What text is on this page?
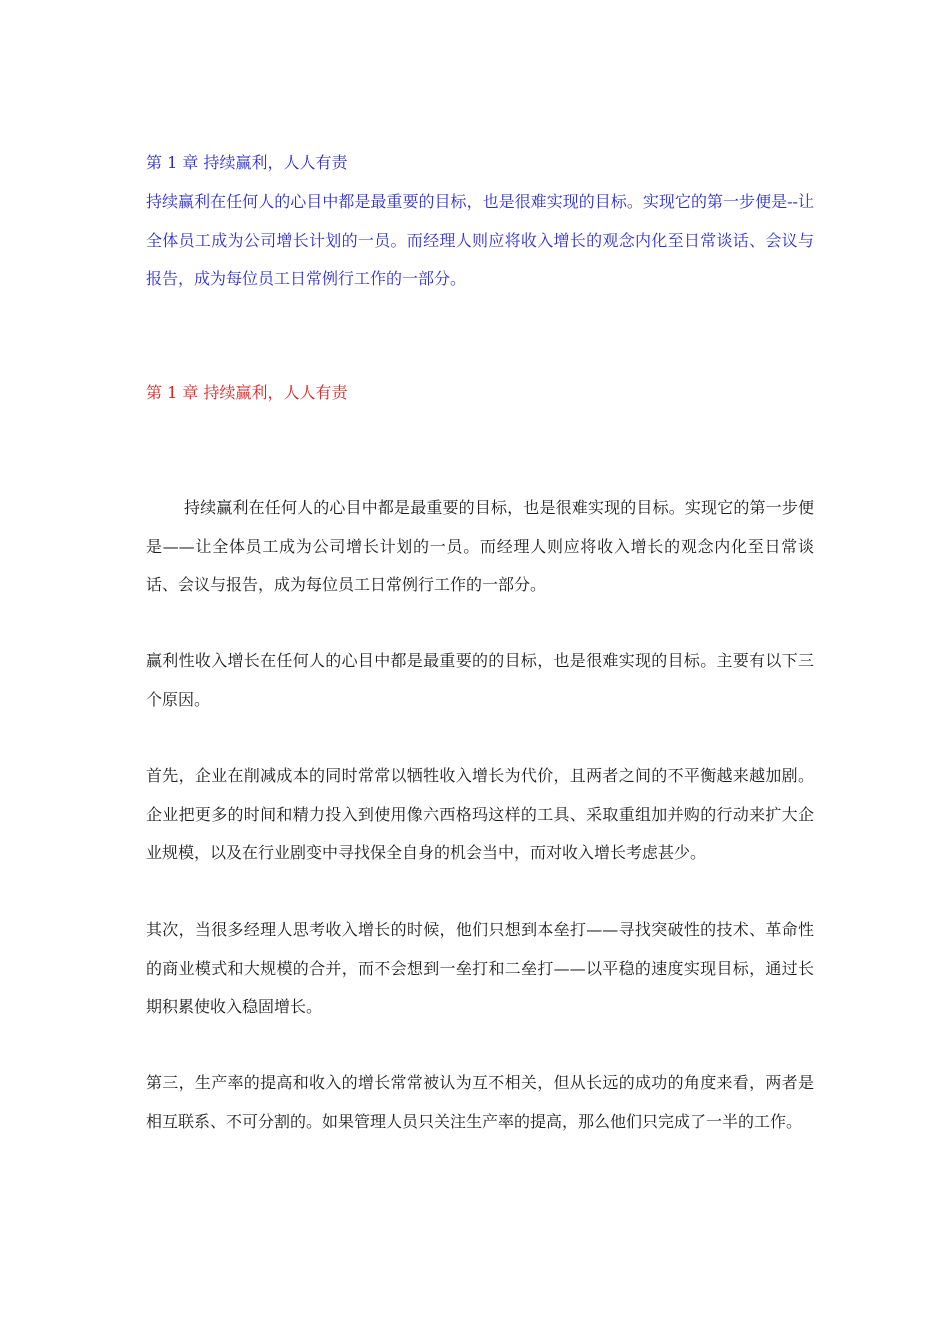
第 1 章 持续赢利，人人有责

持续赢利在任何人的心目中都是最重要的目标，也是很难实现的目标。实现它的第一步便是--让全体员工成为公司增长计划的一员。而经理人则应将收入增长的观念内化至日常谈话、会议与报告，成为每位员工日常例行工作的一部分。

第 1 章 持续赢利，人人有责

持续赢利在任何人的心目中都是最重要的目标，也是很难实现的目标。实现它的第一步便是——让全体员工成为公司增长计划的一员。而经理人则应将收入增长的观念内化至日常谈话、会议与报告，成为每位员工日常例行工作的一部分。

赢利性收入增长在任何人的心目中都是最重要的的目标，也是很难实现的目标。主要有以下三个原因。

首先，企业在削减成本的同时常常以牺牲收入增长为代价，且两者之间的不平衡越来越加剧。企业把更多的时间和精力投入到使用像六西格玛这样的工具、采取重组加并购的行动来扩大企业规模，以及在行业剧变中寻找保全自身的机会当中，而对收入增长考虑甚少。

其次，当很多经理人思考收入增长的时候，他们只想到本垒打——寻找突破性的技术、革命性的商业模式和大规模的合并，而不会想到一垒打和二垒打——以平稳的速度实现目标，通过长期积累使收入稳固增长。

第三，生产率的提高和收入的增长常常被认为互不相关，但从长远的成功的角度来看，两者是相互联系、不可分割的。如果管理人员只关注生产率的提高，那么他们只完成了一半的工作。
